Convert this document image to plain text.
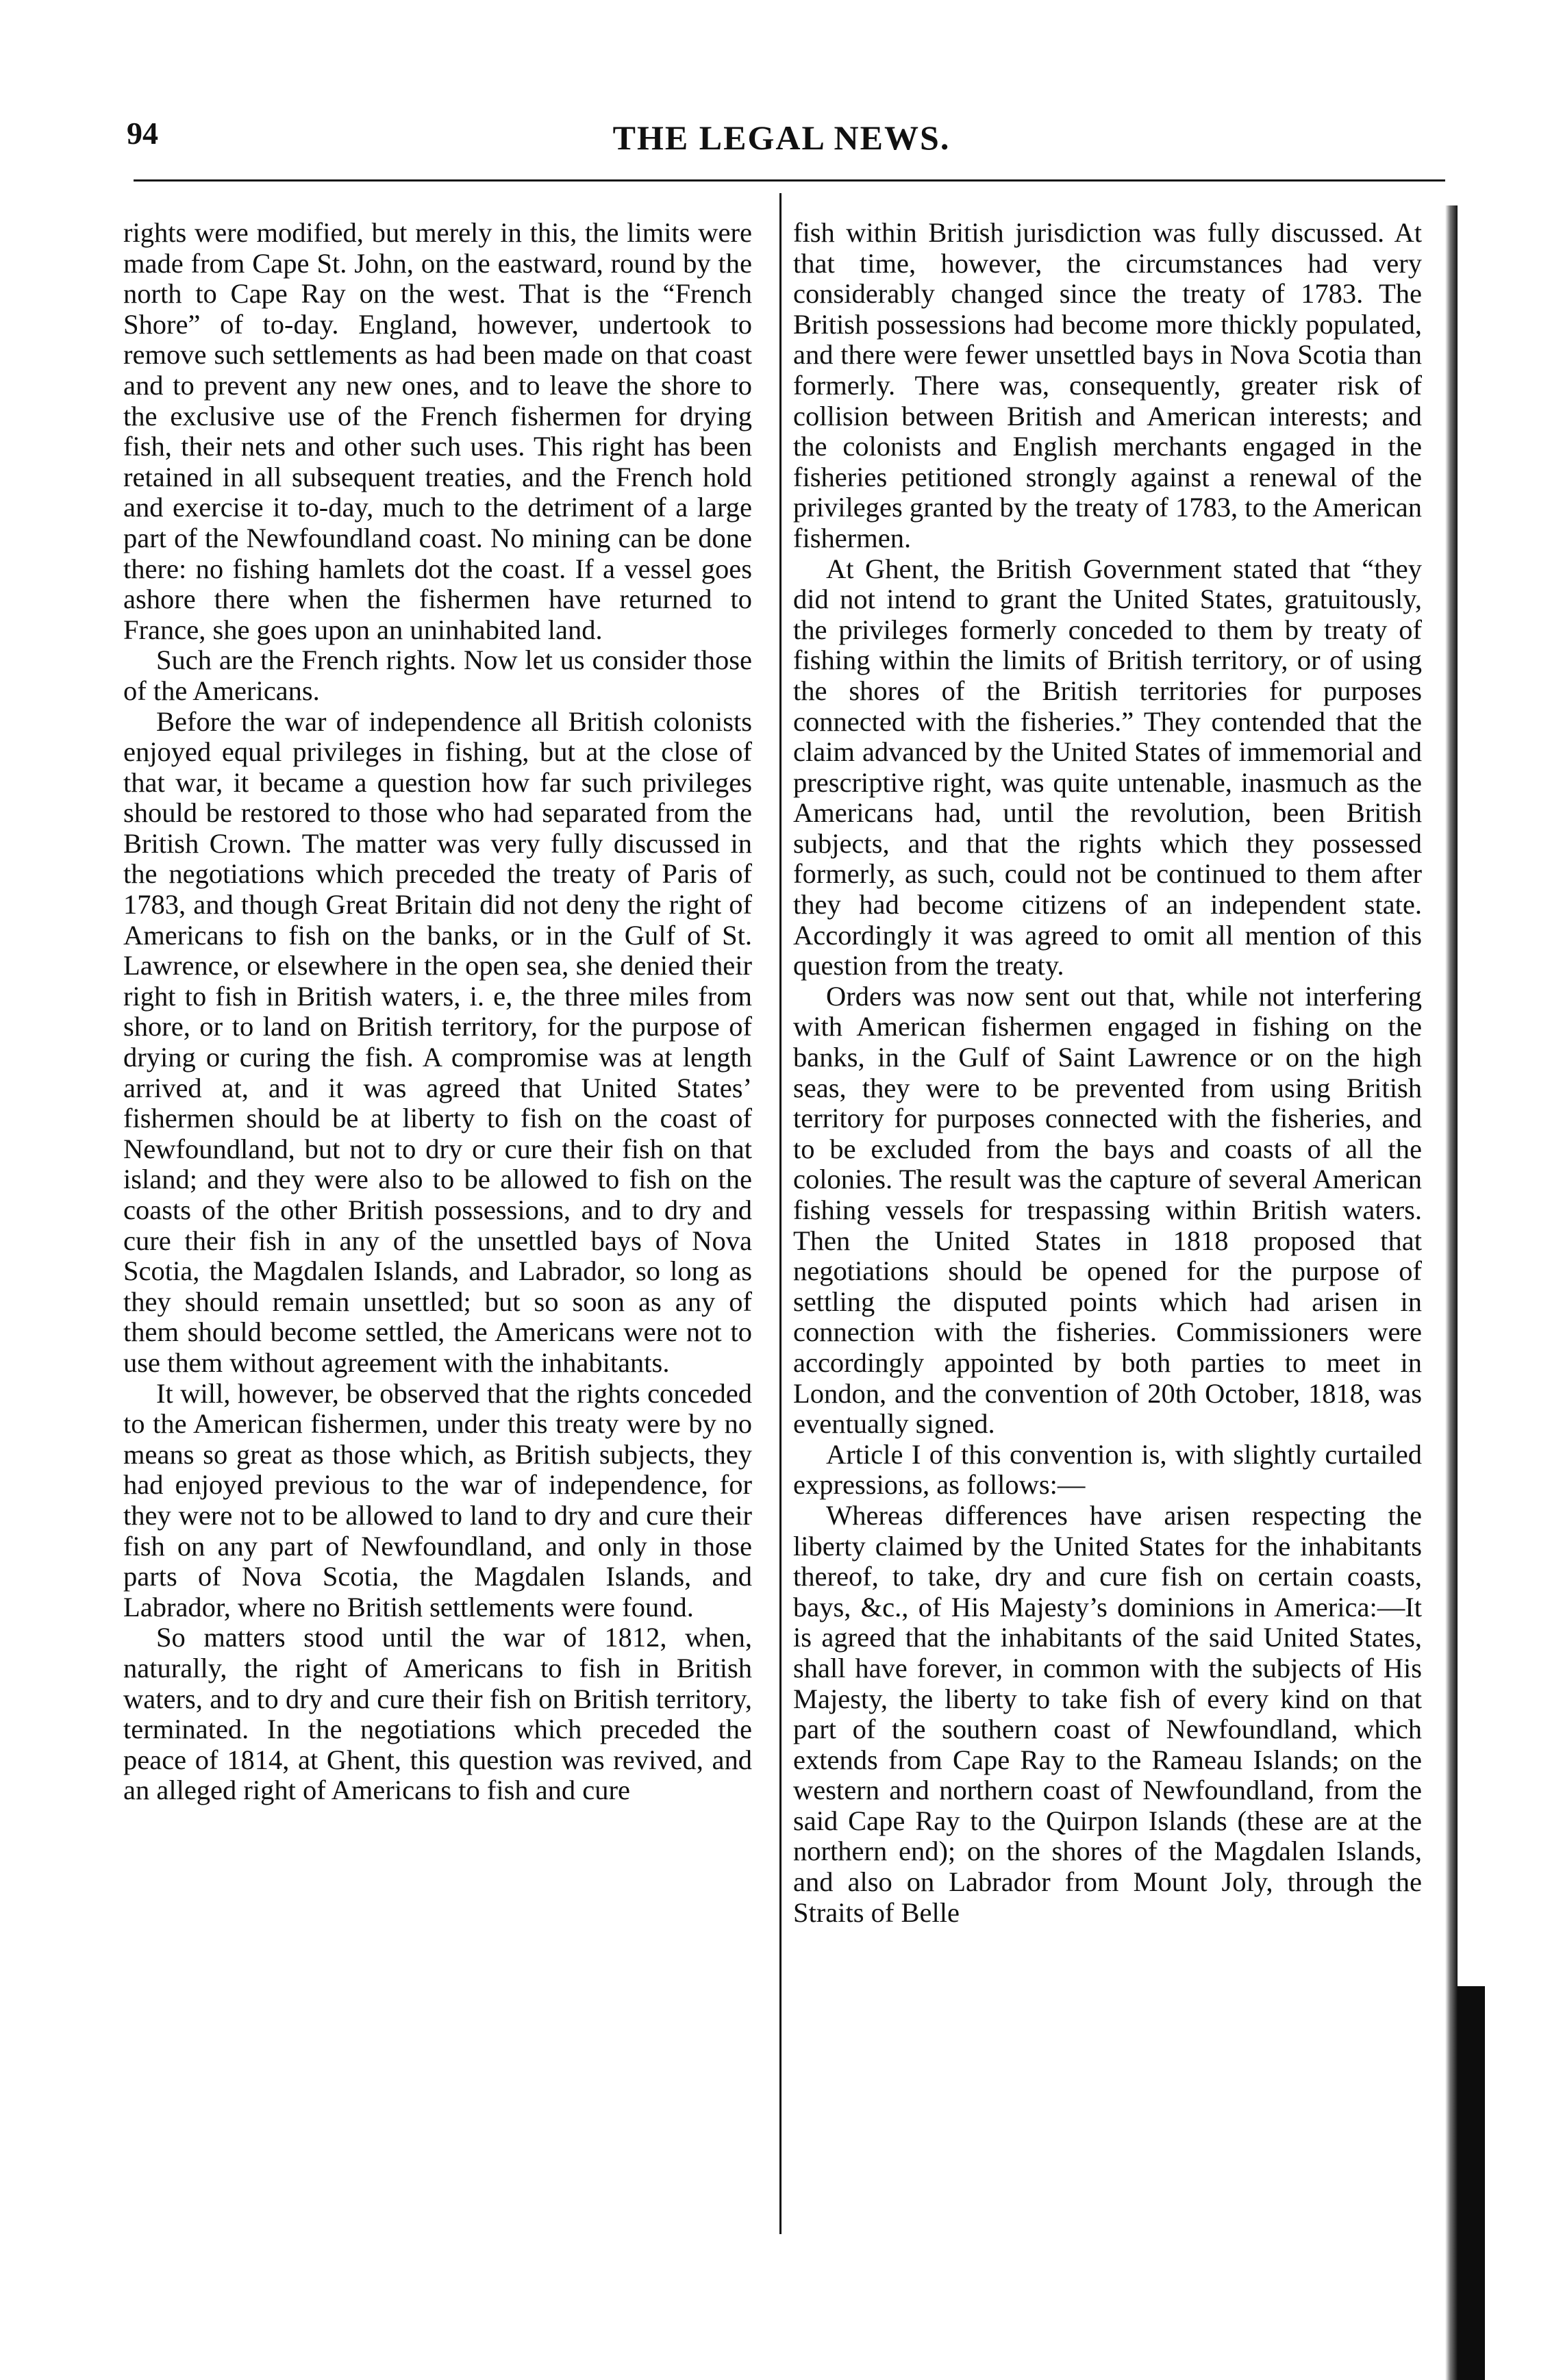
94	THE LEGAL NEWS.

rights were modified, but merely in this, the limits were made from Cape St. John, on the eastward, round by the north to Cape Ray on the west. That is the “French Shore” of to-day. England, however, undertook to remove such settlements as had been made on that coast and to prevent any new ones, and to leave the shore to the exclusive use of the French fishermen for drying fish, their nets and other such uses. This right has been retained in all subsequent treaties, and the French hold and exercise it to-day, much to the detriment of a large part of the Newfoundland coast. No mining can be done there: no fishing hamlets dot the coast. If a vessel goes ashore there when the fishermen have returned to France, she goes upon an uninhabited land.

Such are the French rights. Now let us consider those of the Americans.

Before the war of independence all British colonists enjoyed equal privileges in fishing, but at the close of that war, it became a question how far such privileges should be restored to those who had separated from the British Crown. The matter was very fully discussed in the negotiations which preceded the treaty of Paris of 1783, and though Great Britain did not deny the right of Americans to fish on the banks, or in the Gulf of St. Lawrence, or elsewhere in the open sea, she denied their right to fish in British waters, i. e, the three miles from shore, or to land on British territory, for the purpose of drying or curing the fish. A compromise was at length arrived at, and it was agreed that United States’ fishermen should be at liberty to fish on the coast of Newfoundland, but not to dry or cure their fish on that island; and they were also to be allowed to fish on the coasts of the other British possessions, and to dry and cure their fish in any of the unsettled bays of Nova Scotia, the Magdalen Islands, and Labrador, so long as they should remain unsettled; but so soon as any of them should become settled, the Americans were not to use them without agreement with the inhabitants.

It will, however, be observed that the rights conceded to the American fishermen, under this treaty were by no means so great as those which, as British subjects, they had enjoyed previous to the war of independence, for they were not to be allowed to land to dry and cure their fish on any part of Newfoundland, and only in those parts of Nova Scotia, the Magdalen Islands, and Labrador, where no British settlements were found.

So matters stood until the war of 1812, when, naturally, the right of Americans to fish in British waters, and to dry and cure their fish on British territory, terminated. In the negotiations which preceded the peace of 1814, at Ghent, this question was revived, and an alleged right of Americans to fish and cure

fish within British jurisdiction was fully discussed. At that time, however, the circumstances had very considerably changed since the treaty of 1783. The British possessions had become more thickly populated, and there were fewer unsettled bays in Nova Scotia than formerly. There was, consequently, greater risk of collision between British and American interests; and the colonists and English merchants engaged in the fisheries petitioned strongly against a renewal of the privileges granted by the treaty of 1783, to the American fishermen.

At Ghent, the British Government stated that “they did not intend to grant the United States, gratuitously, the privileges formerly conceded to them by treaty of fishing within the limits of British territory, or of using the shores of the British territories for purposes connected with the fisheries.” They contended that the claim advanced by the United States of immemorial and prescriptive right, was quite untenable, inasmuch as the Americans had, until the revolution, been British subjects, and that the rights which they possessed formerly, as such, could not be continued to them after they had become citizens of an independent state. Accordingly it was agreed to omit all mention of this question from the treaty.

Orders was now sent out that, while not interfering with American fishermen engaged in fishing on the banks, in the Gulf of Saint Lawrence or on the high seas, they were to be prevented from using British territory for purposes connected with the fisheries, and to be excluded from the bays and coasts of all the colonies. The result was the capture of several American fishing vessels for trespassing within British waters. Then the United States in 1818 proposed that negotiations should be opened for the purpose of settling the disputed points which had arisen in connection with the fisheries. Commissioners were accordingly appointed by both parties to meet in London, and the convention of 20th October, 1818, was eventually signed.

Article I of this convention is, with slightly curtailed expressions, as follows:—

Whereas differences have arisen respecting the liberty claimed by the United States for the inhabitants thereof, to take, dry and cure fish on certain coasts, bays, &c., of His Majesty’s dominions in America:—It is agreed that the inhabitants of the said United States, shall have forever, in common with the subjects of His Majesty, the liberty to take fish of every kind on that part of the southern coast of Newfoundland, which extends from Cape Ray to the Rameau Islands; on the western and northern coast of Newfoundland, from the said Cape Ray to the Quirpon Islands (these are at the northern end); on the shores of the Magdalen Islands, and also on Labrador from Mount Joly, through the Straits of Belle
